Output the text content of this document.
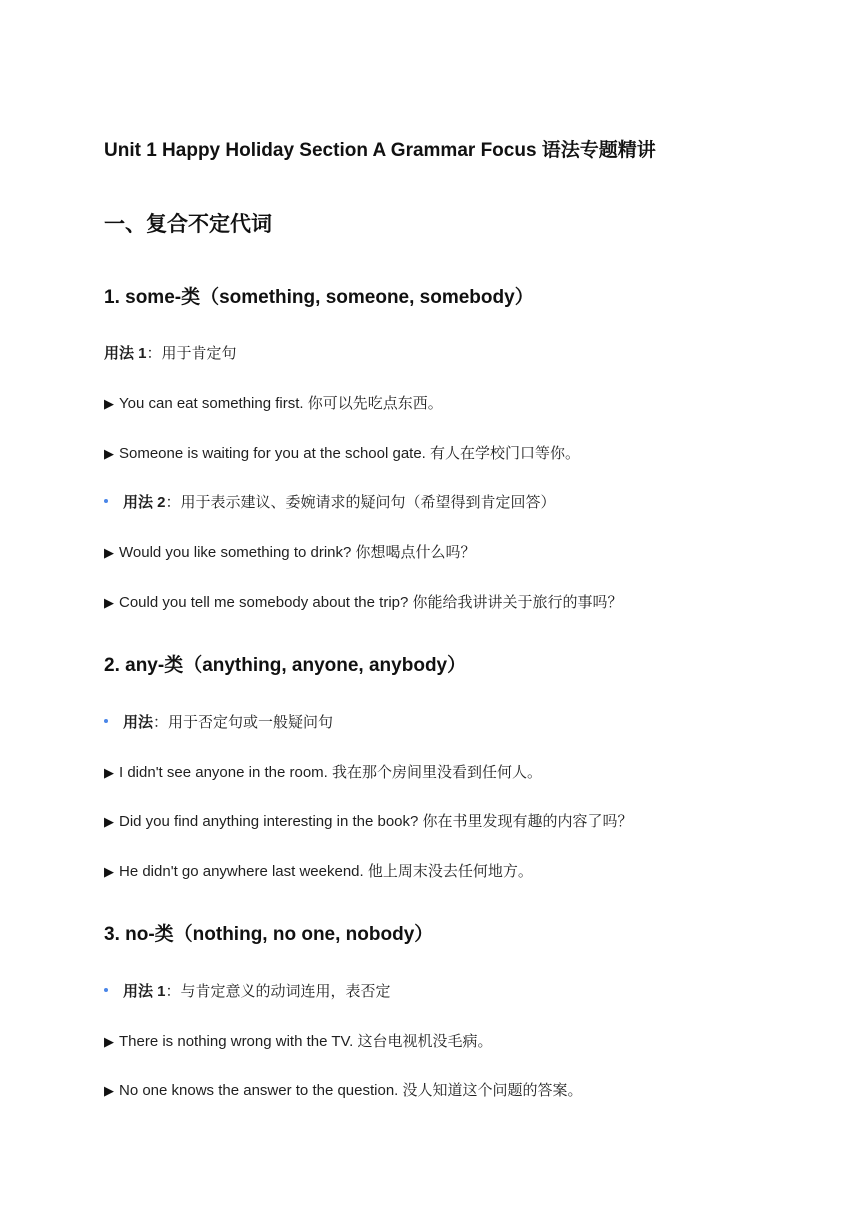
Unit 1 Happy Holiday Section A Grammar Focus 语法专题精讲
一、复合不定代词
1. some-类（something, someone, somebody）
用法 1：用于肯定句
▶ You can eat something first. 你可以先吃点东西。
▶ Someone is waiting for you at the school gate. 有人在学校门口等你。
用法 2：用于表示建议、委婉请求的疑问句（希望得到肯定回答）
▶ Would you like something to drink? 你想喝点什么吗？
▶ Could you tell me somebody about the trip? 你能给我讲讲关于旅行的事吗？
2. any-类（anything, anyone, anybody）
用法：用于否定句或一般疑问句
▶ I didn't see anyone in the room. 我在那个房间里没看到任何人。
▶ Did you find anything interesting in the book? 你在书里发现有趣的内容了吗？
▶ He didn't go anywhere last weekend. 他上周末没去任何地方。
3. no-类（nothing, no one, nobody）
用法 1：与肯定意义的动词连用，表否定
▶ There is nothing wrong with the TV. 这台电视机没毛病。
▶ No one knows the answer to the question. 没人知道这个问题的答案。
